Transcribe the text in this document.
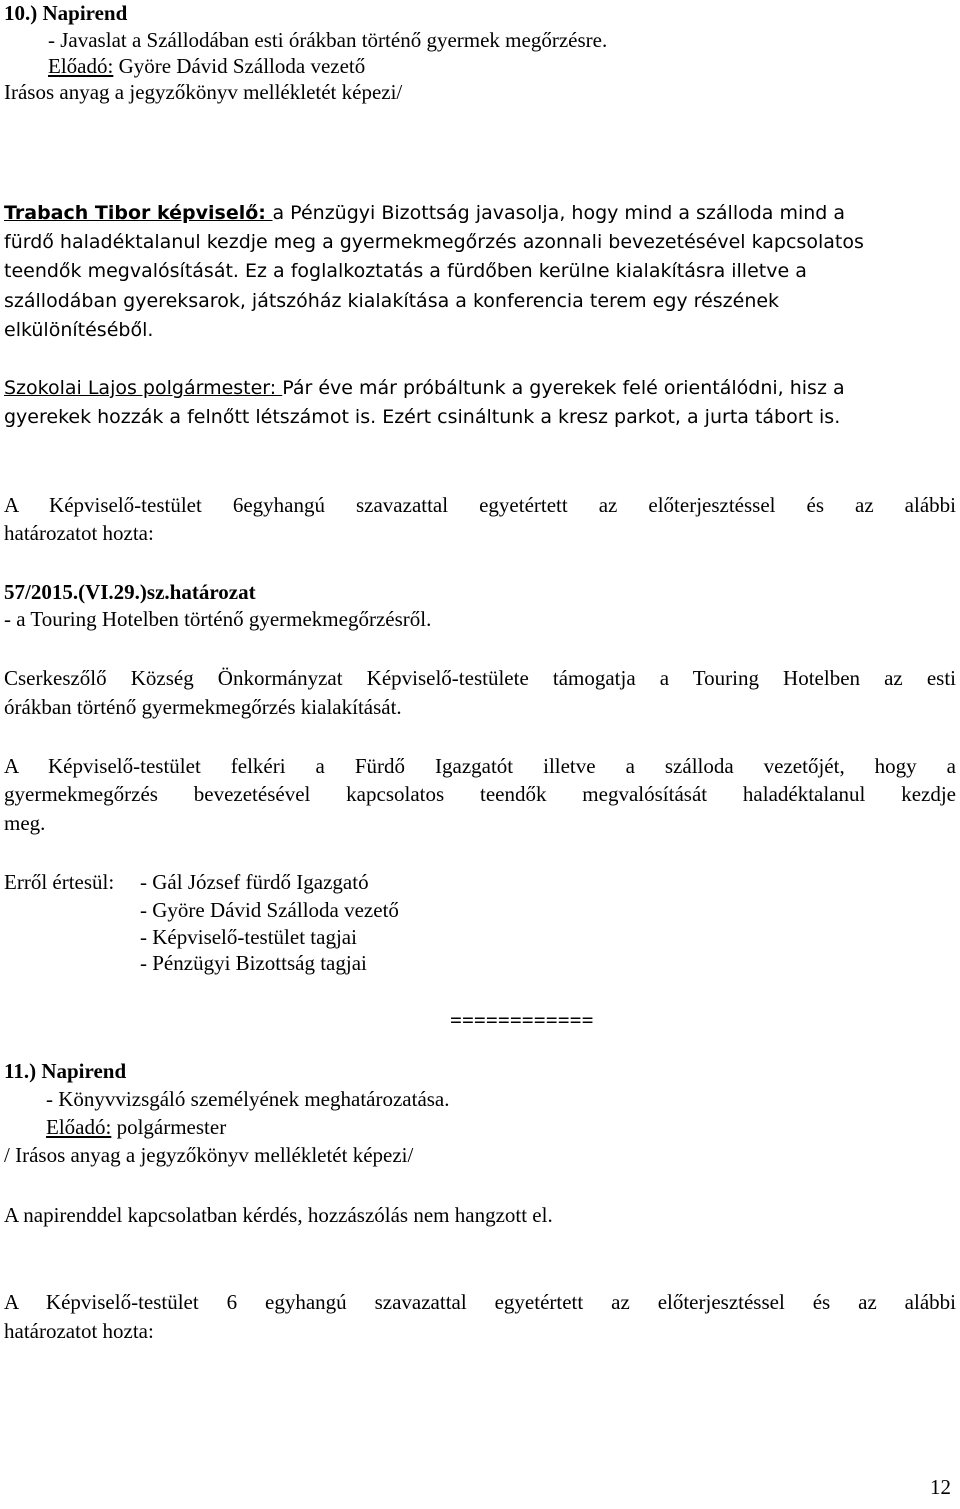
10.) Napirend
- Javaslat a Szállodában esti órákban történő gyermek megőrzésre.
Előadó: Györe Dávid Szálloda vezető
Irásos anyag a jegyzőkönyv mellékletét képezi/
Trabach Tibor képviselő: a Pénzügyi Bizottság javasolja, hogy mind a szálloda mind a
fürdő haladéktalanul kezdje meg a gyermekmegőrzés azonnali bevezetésével kapcsolatos
teendők megvalósítását. Ez a foglalkoztatás a fürdőben kerülne kialakításra illetve a
szállodában gyereksarok, játszóház kialakítása a konferencia terem egy részének
elkülönítéséből.
Szokolai Lajos polgármester: Pár éve már próbáltunk a gyerekek felé orientálódni, hisz a
gyerekek hozzák a felnőtt létszámot is. Ezért csináltunk a kresz parkot, a jurta tábort is.
A Képviselő-testület 6egyhangú szavazattal egyetértett az előterjesztéssel és az alábbi
határozatot hozta:
57/2015.(VI.29.)sz.határozat
- a Touring Hotelben történő gyermekmegőrzésről.
Cserkeszőlő Község Önkormányzat Képviselő-testülete támogatja a Touring Hotelben az esti
órákban történő gyermekmegőrzés kialakítását.
A Képviselő-testület felkéri a Fürdő Igazgatót illetve a szálloda vezetőjét, hogy a
gyermekmegőrzés bevezetésével kapcsolatos teendők megvalósítását haladéktalanul kezdje
meg.
Erről értesül: - Gál József fürdő Igazgató
- Györe Dávid Szálloda vezető
- Képviselő-testület tagjai
- Pénzügyi Bizottság tagjai
============
11.) Napirend
- Könyvvizsgáló személyének meghatározatása.
Előadó: polgármester
/ Irásos anyag a jegyzőkönyv mellékletét képezi/
A napirenddel kapcsolatban kérdés, hozzászólás nem hangzott el.
A Képviselő-testület 6 egyhangú szavazattal egyetértett az előterjesztéssel és az alábbi
határozatot hozta:
12
